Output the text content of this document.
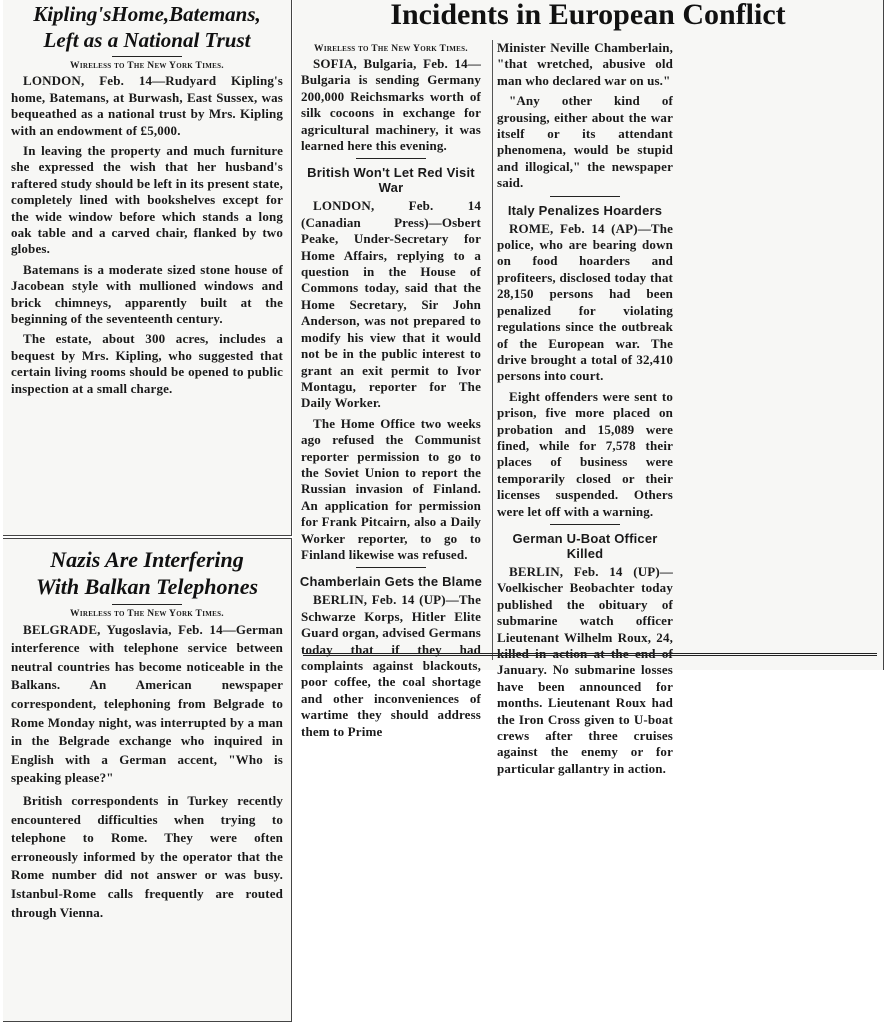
Kipling'sHome,Batemans,
Left as a National Trust
Wireless to The New York Times.

LONDON, Feb. 14—Rudyard Kipling's home, Batemans, at Burwash, East Sussex, was bequeathed as a national trust by Mrs. Kipling with an endowment of £5,000.

In leaving the property and much furniture she expressed the wish that her husband's raftered study should be left in its present state, completely lined with bookshelves except for the wide window before which stands a long oak table and a carved chair, flanked by two globes.

Batemans is a moderate sized stone house of Jacobean style with mullioned windows and brick chimneys, apparently built at the beginning of the seventeenth century.

The estate, about 300 acres, includes a bequest by Mrs. Kipling, who suggested that certain living rooms should be opened to public inspection at a small charge.

Nazis Are Interfering
With Balkan Telephones
Wireless to The New York Times.

BELGRADE, Yugoslavia, Feb. 14—German interference with telephone service between neutral countries has become noticeable in the Balkans. An American newspaper correspondent, telephoning from Belgrade to Rome Monday night, was interrupted by a man in the Belgrade exchange who inquired in English with a German accent, "Who is speaking please?"

British correspondents in Turkey recently encountered difficulties when trying to telephone to Rome. They were often erroneously informed by the operator that the Rome number did not answer or was busy. Istanbul-Rome calls frequently are routed through Vienna.

Incidents in European Conflict
Wireless to The New York Times.

SOFIA, Bulgaria, Feb. 14—Bulgaria is sending Germany 200,000 Reichsmarks worth of silk cocoons in exchange for agricultural machinery, it was learned here this evening.

British Won't Let Red Visit War

LONDON, Feb. 14 (Canadian Press)—Osbert Peake, Under-Secretary for Home Affairs, replying to a question in the House of Commons today, said that the Home Secretary, Sir John Anderson, was not prepared to modify his view that it would not be in the public interest to grant an exit permit to Ivor Montagu, reporter for The Daily Worker.

The Home Office two weeks ago refused the Communist reporter permission to go to the Soviet Union to report the Russian invasion of Finland. An application for permission for Frank Pitcairn, also a Daily Worker reporter, to go to Finland likewise was refused.

Chamberlain Gets the Blame

BERLIN, Feb. 14 (UP)—The Schwarze Korps, Hitler Elite Guard organ, advised Germans today that if they had complaints against blackouts, poor coffee, the coal shortage and other inconveniences of wartime they should address them to Prime

Minister Neville Chamberlain, "that wretched, abusive old man who declared war on us."

"Any other kind of grousing, either about the war itself or its attendant phenomena, would be stupid and illogical," the newspaper said.

Italy Penalizes Hoarders

ROME, Feb. 14 (AP)—The police, who are bearing down on food hoarders and profiteers, disclosed today that 28,150 persons had been penalized for violating regulations since the outbreak of the European war. The drive brought a total of 32,410 persons into court.

Eight offenders were sent to prison, five more placed on probation and 15,089 were fined, while for 7,578 their places of business were temporarily closed or their licenses suspended. Others were let off with a warning.

German U-Boat Officer Killed

BERLIN, Feb. 14 (UP)—Voelkischer Beobachter today published the obituary of submarine watch officer Lieutenant Wilhelm Roux, 24, killed in action at the end of January. No submarine losses have been announced for months. Lieutenant Roux had the Iron Cross given to U-boat crews after three cruises against the enemy or for particular gallantry in action.
